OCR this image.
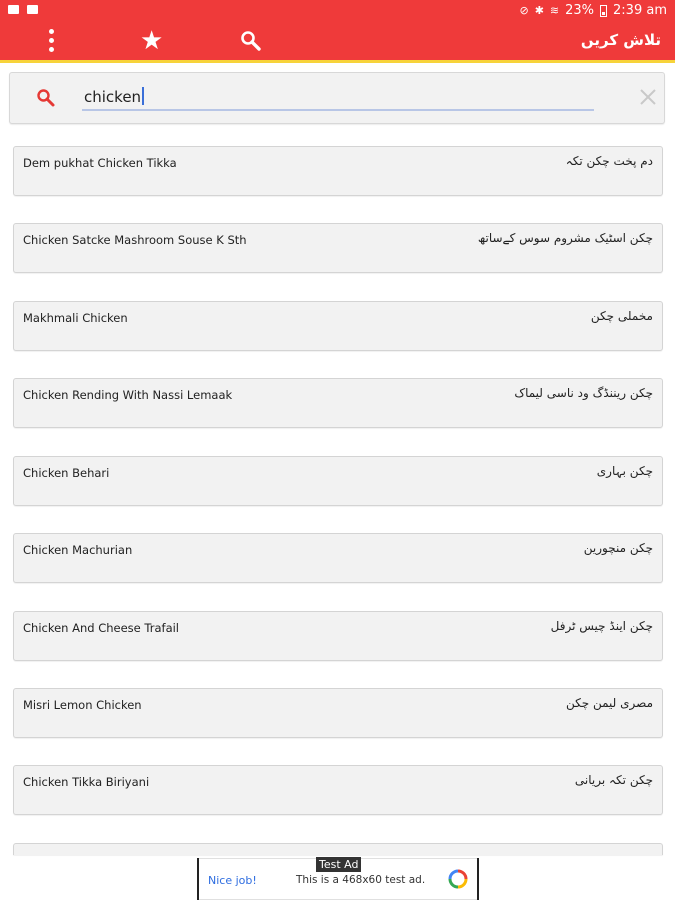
⊘ ✱ ≋ 23% 2:39 am
★	تلاش کریں
chicken
Dem pukhat Chicken Tikka	دم پخت چکن تکہ
Chicken Satcke Mashroom Souse K Sth	چکن اسٹیک مشروم سوس کےساتھ
Makhmali Chicken	مخملی چکن
Chicken Rending With Nassi Lemaak	چکن ریننڈگ ود ناسی لیماک
Chicken Behari	چکن بہاری
Chicken Machurian	چکن منچورین
Chicken And Cheese Trafail	چکن اینڈ چیس ٹرفل
Misri Lemon Chicken	مصری لیمن چکن
Chicken Tikka Biriyani	چکن تکہ بریانی
Test Ad
Nice job!	This is a 468x60 test ad.
